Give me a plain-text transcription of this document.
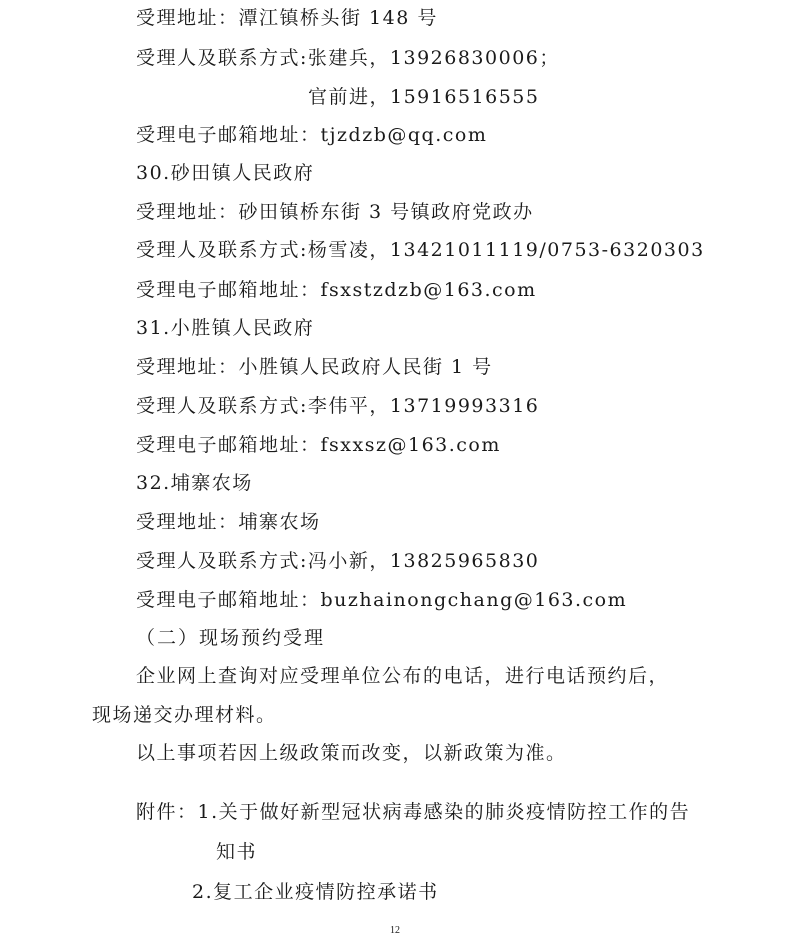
受理地址：潭江镇桥头街 148 号
受理人及联系方式:张建兵，13926830006；
官前进，15916516555
受理电子邮箱地址：tjzdzb@qq.com
30.砂田镇人民政府
受理地址：砂田镇桥东街 3 号镇政府党政办
受理人及联系方式:杨雪凌，13421011119/0753-6320303
受理电子邮箱地址：fsxstzdzb@163.com
31.小胜镇人民政府
受理地址：小胜镇人民政府人民街 1 号
受理人及联系方式:李伟平，13719993316
受理电子邮箱地址：fsxxsz@163.com
32.埔寨农场
受理地址：埔寨农场
受理人及联系方式:冯小新，13825965830
受理电子邮箱地址：buzhainongchang@163.com
（二）现场预约受理
企业网上查询对应受理单位公布的电话，进行电话预约后，
现场递交办理材料。
以上事项若因上级政策而改变，以新政策为准。
附件：1.关于做好新型冠状病毒感染的肺炎疫情防控工作的告
知书
2.复工企业疫情防控承诺书
12
